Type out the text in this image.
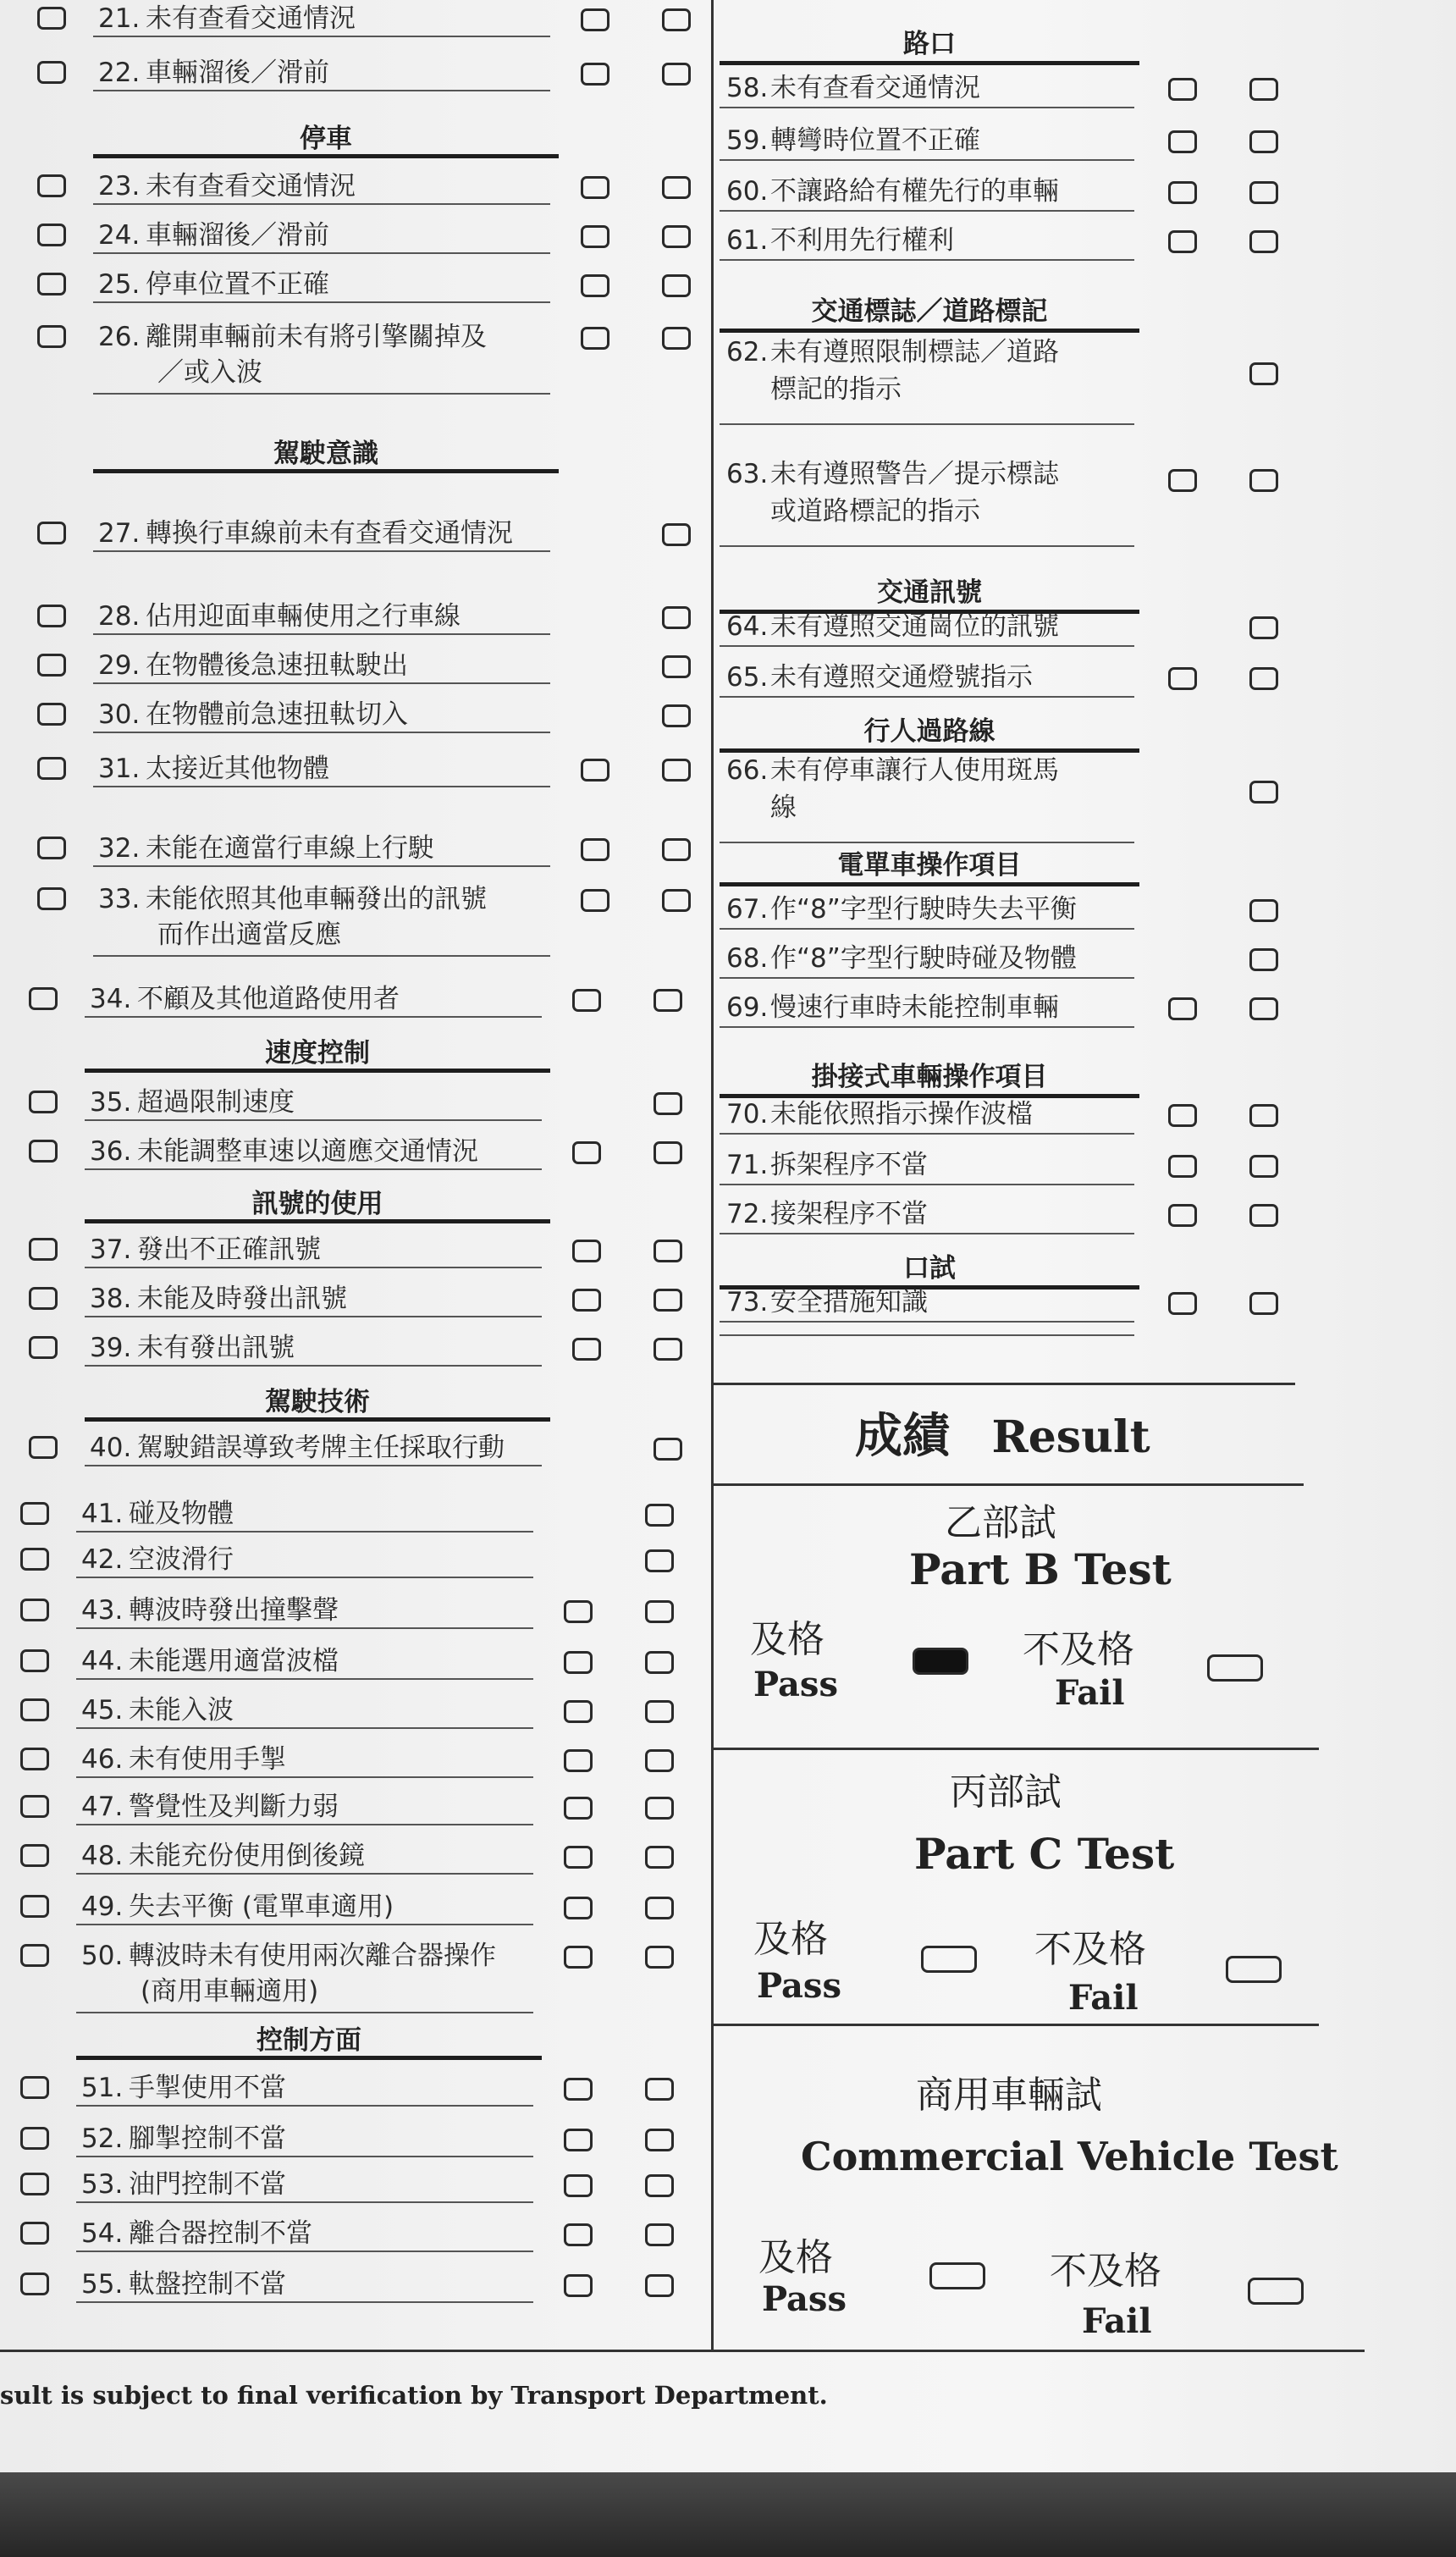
21. 未有查看交通情況
22. 車輛溜後／滑前
停車
23. 未有查看交通情況
24. 車輛溜後／滑前
25. 停車位置不正確
26. 離開車輛前未有將引擎關掉及
／或入波
駕駛意識
27. 轉換行車線前未有查看交通情況
28. 佔用迎面車輛使用之行車線
29. 在物體後急速扭軚駛出
30. 在物體前急速扭軚切入
31. 太接近其他物體
32. 未能在適當行車線上行駛
33. 未能依照其他車輛發出的訊號
而作出適當反應
34. 不顧及其他道路使用者
速度控制
35. 超過限制速度
36. 未能調整車速以適應交通情況
訊號的使用
37. 發出不正確訊號
38. 未能及時發出訊號
39. 未有發出訊號
駕駛技術
40. 駕駛錯誤導致考牌主任採取行動
41. 碰及物體
42. 空波滑行
43. 轉波時發出撞擊聲
44. 未能選用適當波檔
45. 未能入波
46. 未有使用手掣
47. 警覺性及判斷力弱
48. 未能充份使用倒後鏡
49. 失去平衡 (電單車適用)
50. 轉波時未有使用兩次離合器操作
(商用車輛適用)
控制方面
51. 手掣使用不當
52. 腳掣控制不當
53. 油門控制不當
54. 離合器控制不當
55. 軚盤控制不當
路口
58. 未有查看交通情況
59. 轉彎時位置不正確
60. 不讓路給有權先行的車輛
61. 不利用先行權利
交通標誌／道路標記
62. 未有遵照限制標誌／道路
標記的指示
63. 未有遵照警告／提示標誌
或道路標記的指示
交通訊號
64. 未有遵照交通崗位的訊號
65. 未有遵照交通燈號指示
行人過路線
66. 未有停車讓行人使用斑馬
線
電單車操作項目
67. 作“8”字型行駛時失去平衡
68. 作“8”字型行駛時碰及物體
69. 慢速行車時未能控制車輛
掛接式車輛操作項目
70. 未能依照指示操作波檔
71. 拆架程序不當
72. 接架程序不當
口試
73. 安全措施知識
成績 Result
乙部試
Part B Test
及格
Pass
不及格
Fail
丙部試
Part C Test
及格
Pass
不及格
Fail
商用車輛試
Commercial Vehicle Test
及格
Pass
不及格
Fail
sult is subject to final verification by Transport Department.
